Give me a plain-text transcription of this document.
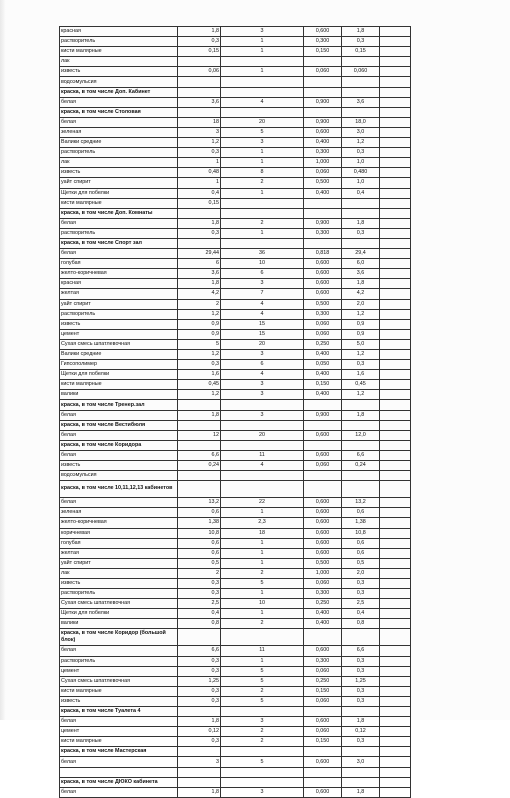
красная	1,8	3	0,600	1,8	
растворитель	0,3	1	0,300	0,3	
кисти малярные	0,15	1	0,150	0,15	
лак					
известь	0,06	1	0,060	0,060	
водоэмульсия					
краска, в том числе Доп. Кабинет					
белая	3,6	4	0,900	3,6	
краска, в том числе Столовая					
белая	18	20	0,900	18,0	
зеленая	3	5	0,600	3,0	
Валики средние	1,2	3	0,400	1,2	
растворитель	0,3	1	0,300	0,3	
лак	1	1	1,000	1,0	
известь	0,48	8	0,060	0,480	
уайт спирит	1	2	0,500	1,0	
Щетки для побелки	0,4	1	0,400	0,4	
кисти малярные	0,15				
краска, в том числе Доп. Комнаты					
белая	1,8	2	0,900	1,8	
растворитель	0,3	1	0,300	0,3	
краска, в том числе Спорт зал					
белая	29,44	36	0,818	29,4	
голубая	6	10	0,600	6,0	
желто-коричневая	3,6	6	0,600	3,6	
красная	1,8	3	0,600	1,8	
желтая	4,2	7	0,600	4,2	
уайт спирит	2	4	0,500	2,0	
растворитель	1,2	4	0,300	1,2	
известь	0,9	15	0,060	0,9	
цемент	0,9	15	0,060	0,9	
Сухая смесь шпатлевочная	5	20	0,250	5,0	
Валики средние	1,2	3	0,400	1,2	
Гипсополимер	0,3	6	0,050	0,3	
Щетки для побелки	1,6	4	0,400	1,6	
кисти малярные	0,45	3	0,150	0,45	
валики	1,2	3	0,400	1,2	
краска, в том числе Тренер.зал					
белая	1,8	3	0,900	1,8	
краска, в том числе Вестибюля					
белая	12	20	0,600	12,0	
краска, в том числе Коридора					
белая	6,6	11	0,600	6,6	
известь	0,24	4	0,060	0,24	
водоэмульсия					
краска, в том числе 10,11,12,13 кабинетов					
белая	13,2	22	0,600	13,2	
зеленая	0,6	1	0,600	0,6	
желто-коричневая	1,38	2,3	0,600	1,38	
коричневая	10,8	18	0,600	10,8	
голубая	0,6	1	0,600	0,6	
желтая	0,6	1	0,600	0,6	
уайт спирит	0,5	1	0,500	0,5	
лак	2	2	1,000	2,0	
известь	0,3	5	0,060	0,3	
растворитель	0,3	1	0,300	0,3	
Сухая смесь шпатлевочная	2,5	10	0,250	2,5	
Щетки для побелки	0,4	1	0,400	0,4	
валики	0,8	2	0,400	0,8	
краска, в том числе Коридор (большой блок)					
белая	6,6	11	0,600	6,6	
растворитель	0,3	1	0,300	0,3	
цемент	0,3	5	0,060	0,3	
Сухая смесь шпатлевочная	1,25	5	0,250	1,25	
кисти малярные	0,3	2	0,150	0,3	
известь	0,3	5	0,060	0,3	
краска, в том числе Туалета 4					
белая	1,8	3	0,600	1,8	
цемент	0,12	2	0,060	0,12	
кисти малярные	0,3	2	0,150	0,3	
краска, в том числе Мастерская					
белая	3	5	0,600	3,0	

краска, в том числе ДЮКО кабинета					
белая	1,8	3	0,600	1,8	
